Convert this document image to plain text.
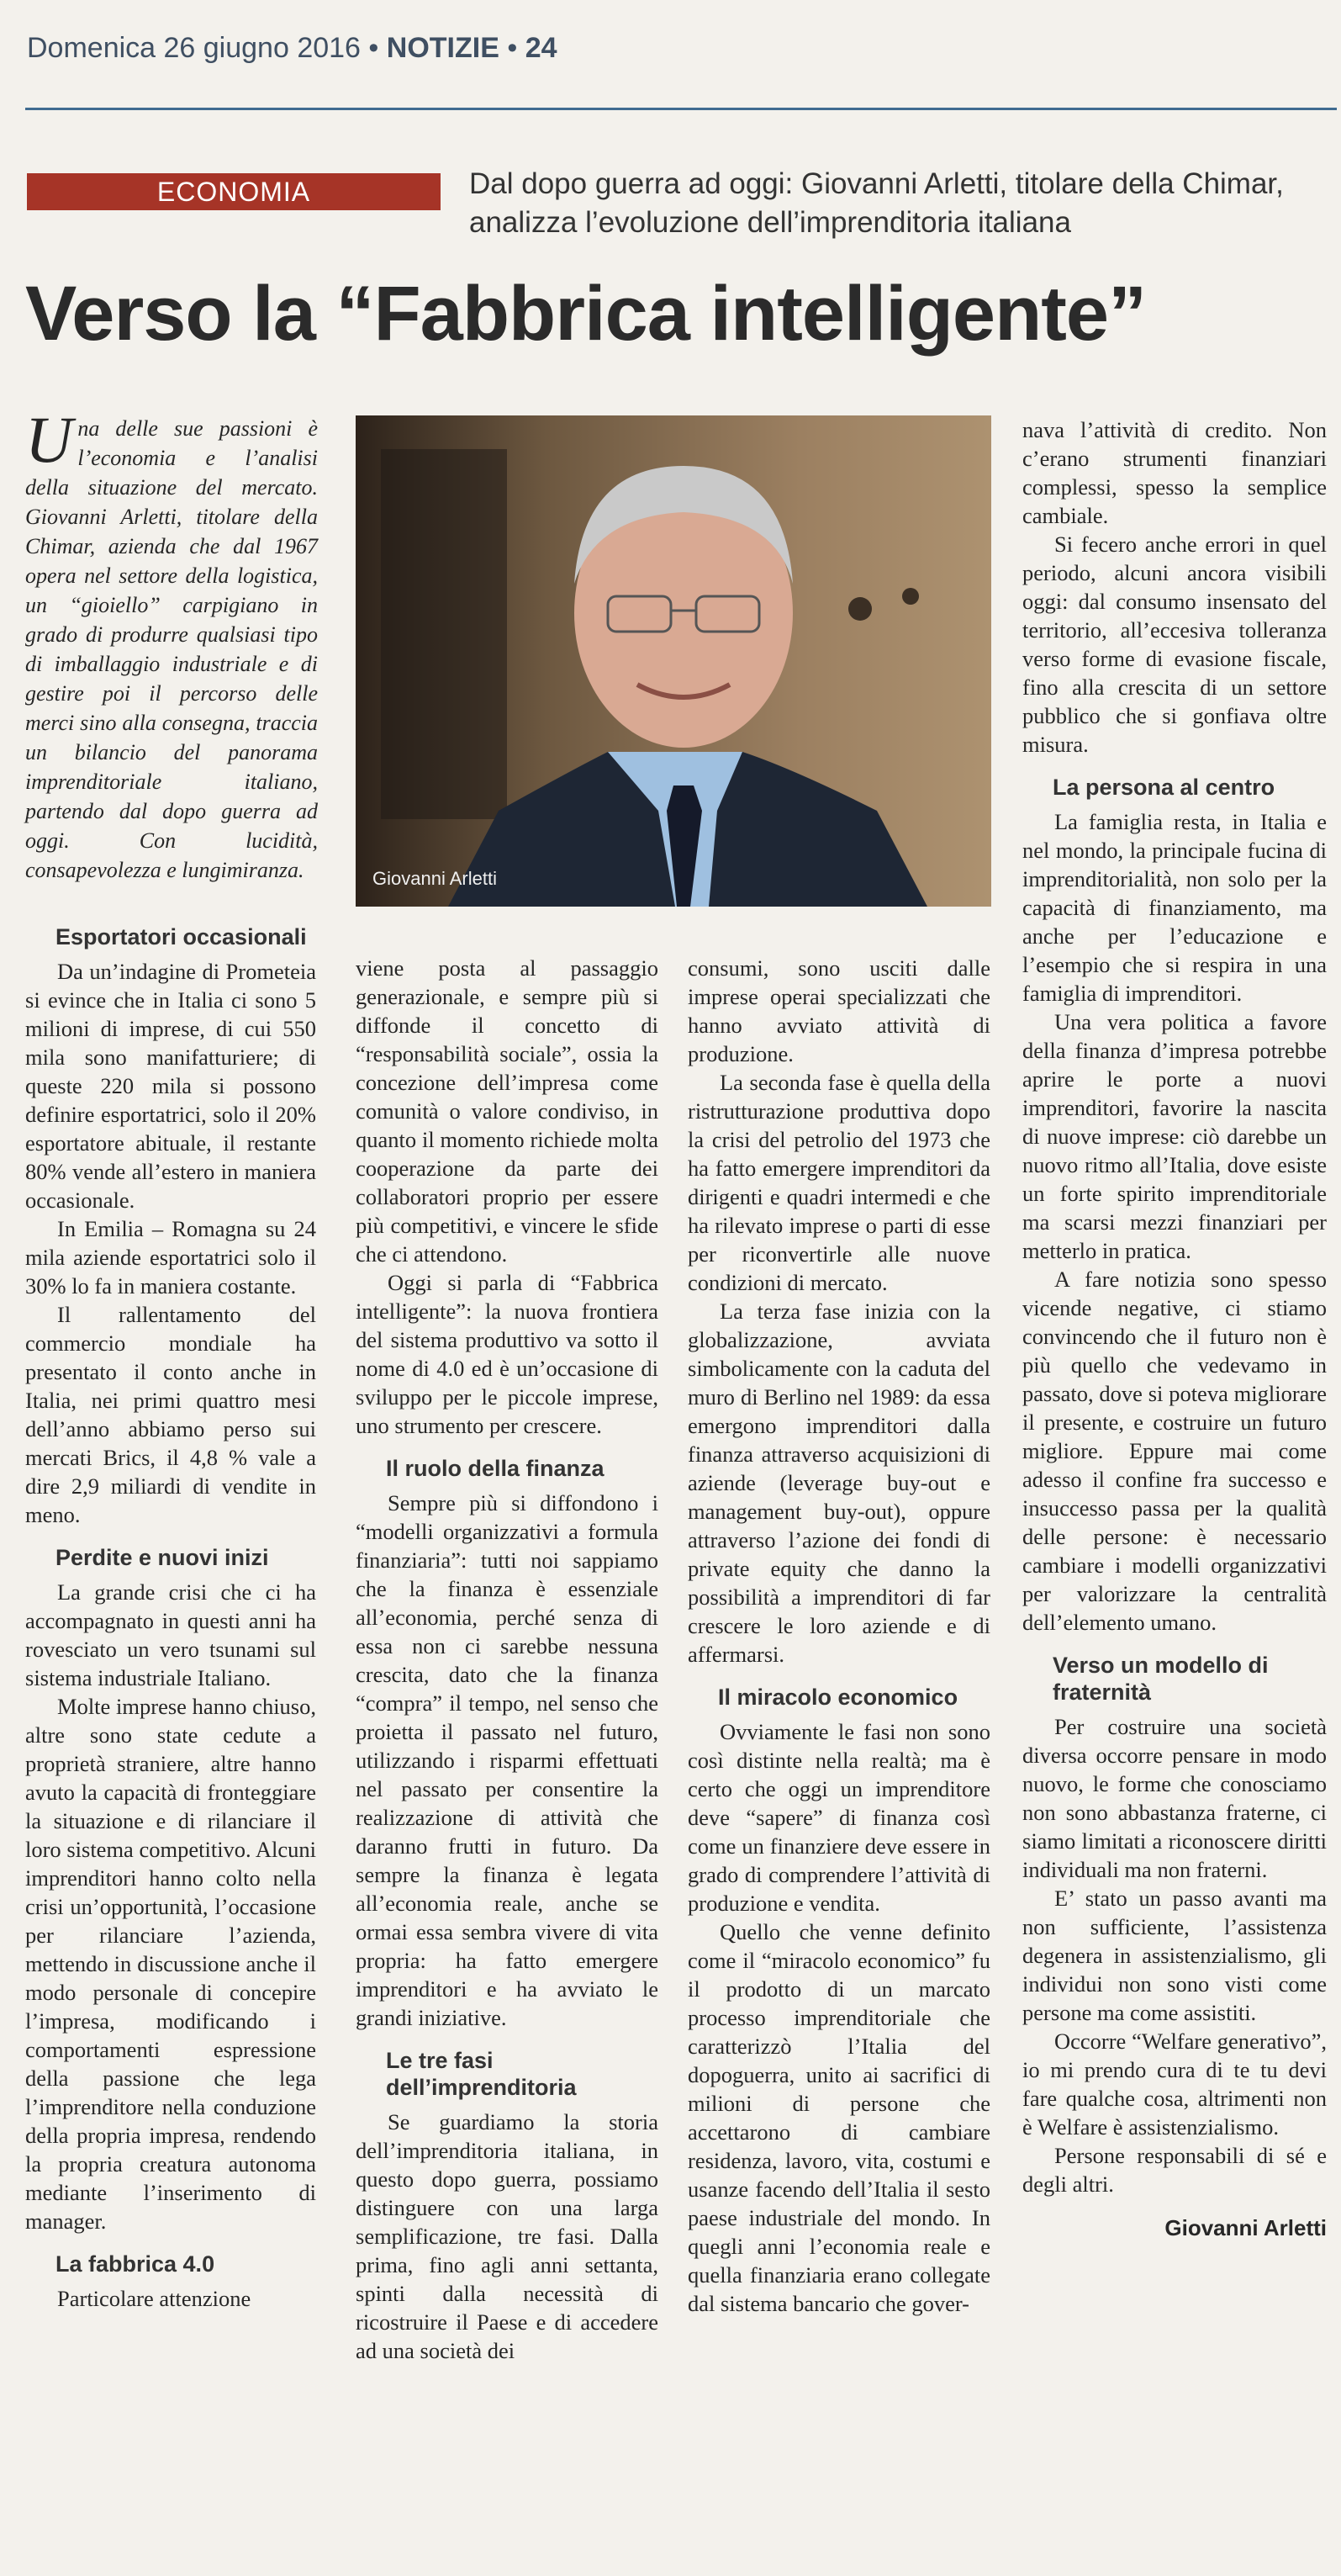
Domenica 26 giugno 2016 • NOTIZIE • 24
ECONOMIA	Dal dopo guerra ad oggi: Giovanni Arletti, titolare della Chimar, analizza l’evoluzione dell’imprenditoria italiana
Verso la “Fabbrica intelligente”
Una delle sue passioni è l’economia e l’analisi della situazione del mercato. Giovanni Arletti, titolare della Chimar, azienda che dal 1967 opera nel settore della logistica, un “gioiello” carpigiano in grado di produrre qualsiasi tipo di imballaggio industriale e di gestire poi il percorso delle merci sino alla consegna, traccia un bilancio del panorama imprenditoriale italiano, partendo dal dopo guerra ad oggi. Con lucidità, consapevolezza e lungimiranza.	Giovanni Arletti
Esportatori occasionali

Da un’indagine di Prometeia si evince che in Italia ci sono 5 milioni di imprese, di cui 550 mila sono manifatturiere; di queste 220 mila si possono definire esportatrici, solo il 20% esportatore abituale, il restante 80% vende all’estero in maniera occasionale.

In Emilia – Romagna su 24 mila aziende esportatrici solo il 30% lo fa in maniera costante.

Il rallentamento del commercio mondiale ha presentato il conto anche in Italia, nei primi quattro mesi dell’anno abbiamo perso sui mercati Brics, il 4,8 % vale a dire 2,9 miliardi di vendite in meno.

Perdite e nuovi inizi

La grande crisi che ci ha accompagnato in questi anni ha rovesciato un vero tsunami sul sistema industriale Italiano.

Molte imprese hanno chiuso, altre sono state cedute a proprietà straniere, altre hanno avuto la capacità di fronteggiare la situazione e di rilanciare il loro sistema competitivo. Alcuni imprenditori hanno colto nella crisi un’opportunità, l’occasione per rilanciare l’azienda, mettendo in discussione anche il modo personale di concepire l’impresa, modificando i comportamenti espressione della passione che lega l’imprenditore nella conduzione della propria impresa, rendendo la propria creatura autonoma mediante l’inserimento di manager.

La fabbrica 4.0

Particolare attenzione

viene posta al passaggio generazionale, e sempre più si diffonde il concetto di “responsabilità sociale”, ossia la concezione dell’impresa come comunità o valore condiviso, in quanto il momento richiede molta cooperazione da parte dei collaboratori proprio per essere più competitivi, e vincere le sfide che ci attendono.

Oggi si parla di “Fabbrica intelligente”: la nuova frontiera del sistema produttivo va sotto il nome di 4.0 ed è un’occasione di sviluppo per le piccole imprese, uno strumento per crescere.

Il ruolo della finanza

Sempre più si diffondono i “modelli organizzativi a formula finanziaria”: tutti noi sappiamo che la finanza è essenziale all’economia, perché senza di essa non ci sarebbe nessuna crescita, dato che la finanza “compra” il tempo, nel senso che proietta il passato nel futuro, utilizzando i risparmi effettuati nel passato per consentire la realizzazione di attività che daranno frutti in futuro. Da sempre la finanza è legata all’economia reale, anche se ormai essa sembra vivere di vita propria: ha fatto emergere imprenditori e ha avviato le grandi iniziative.

Le tre fasi dell’imprenditoria

Se guardiamo la storia dell’imprenditoria italiana, in questo dopo guerra, possiamo distinguere con una larga semplificazione, tre fasi. Dalla prima, fino agli anni settanta, spinti dalla necessità di ricostruire il Paese e di accedere ad una società dei

consumi, sono usciti dalle imprese operai specializzati che hanno avviato attività di produzione.

La seconda fase è quella della ristrutturazione produttiva dopo la crisi del petrolio del 1973 che ha fatto emergere imprenditori da dirigenti e quadri intermedi e che ha rilevato imprese o parti di esse per riconvertirle alle nuove condizioni di mercato.

La terza fase inizia con la globalizzazione, avviata simbolicamente con la caduta del muro di Berlino nel 1989: da essa emergono imprenditori dalla finanza attraverso acquisizioni di aziende (leverage buy-out e management buy-out), oppure attraverso l’azione dei fondi di private equity che danno la possibilità a imprenditori di far crescere le loro aziende e di affermarsi.

Il miracolo economico

Ovviamente le fasi non sono così distinte nella realtà; ma è certo che oggi un imprenditore deve “sapere” di finanza così come un finanziere deve essere in grado di comprendere l’attività di produzione e vendita.

Quello che venne definito come il “miracolo economico” fu il prodotto di un marcato processo imprenditoriale che caratterizzò l’Italia del dopoguerra, unito ai sacrifici di milioni di persone che accettarono di cambiare residenza, lavoro, vita, costumi e usanze facendo dell’Italia il sesto paese industriale del mondo. In quegli anni l’economia reale e quella finanziaria erano collegate dal sistema bancario che gover-

nava l’attività di credito. Non c’erano strumenti finanziari complessi, spesso la semplice cambiale.

Si fecero anche errori in quel periodo, alcuni ancora visibili oggi: dal consumo insensato del territorio, all’eccesiva tolleranza verso forme di evasione fiscale, fino alla crescita di un settore pubblico che si gonfiava oltre misura.

La persona al centro

La famiglia resta, in Italia e nel mondo, la principale fucina di imprenditorialità, non solo per la capacità di finanziamento, ma anche per l’educazione e l’esempio che si respira in una famiglia di imprenditori.

Una vera politica a favore della finanza d’impresa potrebbe aprire le porte a nuovi imprenditori, favorire la nascita di nuove imprese: ciò darebbe un nuovo ritmo all’Italia, dove esiste un forte spirito imprenditoriale ma scarsi mezzi finanziari per metterlo in pratica.

A fare notizia sono spesso vicende negative, ci stiamo convincendo che il futuro non è più quello che vedevamo in passato, dove si poteva migliorare il presente, e costruire un futuro migliore. Eppure mai come adesso il confine fra successo e insuccesso passa per la qualità delle persone: è necessario cambiare i modelli organizzativi per valorizzare la centralità dell’elemento umano.

Verso un modello di fraternità

Per costruire una società diversa occorre pensare in modo nuovo, le forme che conosciamo non sono abbastanza fraterne, ci siamo limitati a riconoscere diritti individuali ma non fraterni.

E’ stato un passo avanti ma non sufficiente, l’assistenza degenera in assistenzialismo, gli individui non sono visti come persone ma come assistiti.

Occorre “Welfare generativo”, io mi prendo cura di te tu devi fare qualche cosa, altrimenti non è Welfare è assistenzialismo.

Persone responsabili di sé e degli altri.

Giovanni Arletti
